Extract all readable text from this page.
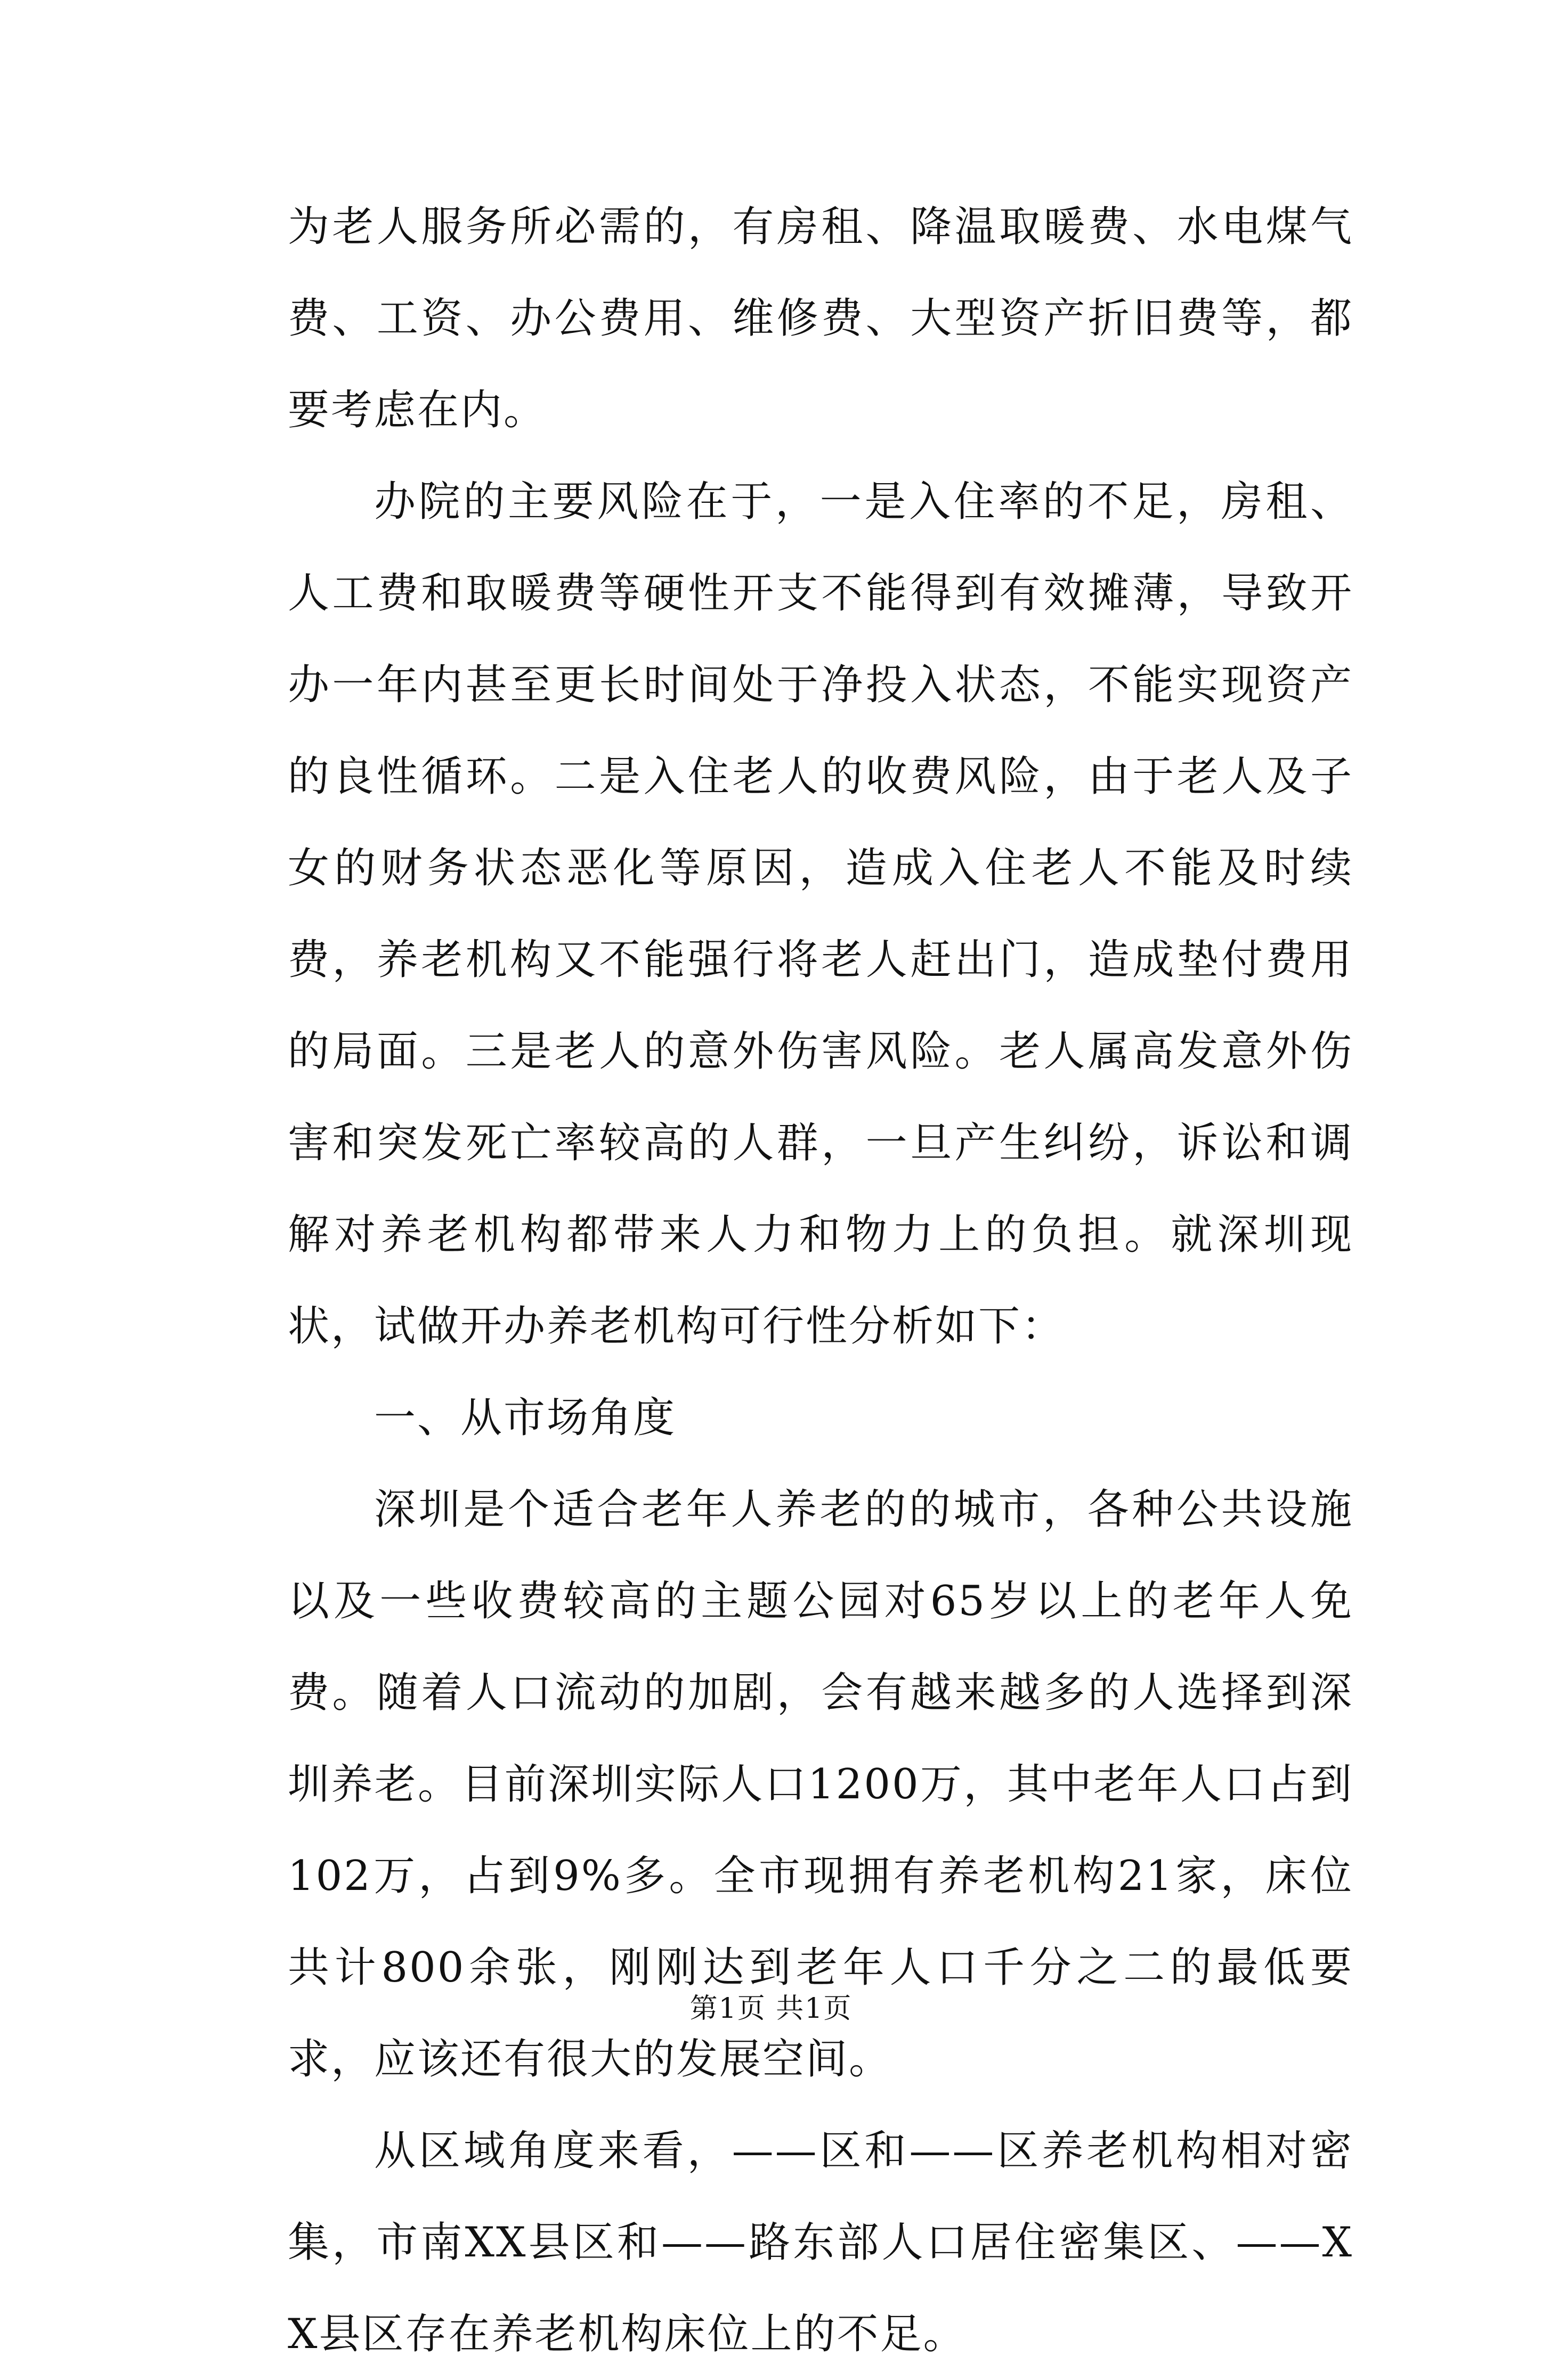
为老人服务所必需的，有房租、降温取暖费、水电煤气费、工资、办公费用、维修费、大型资产折旧费等，都要考虑在内。

办院的主要风险在于，一是入住率的不足，房租、人工费和取暖费等硬性开支不能得到有效摊薄，导致开办一年内甚至更长时间处于净投入状态，不能实现资产的良性循环。二是入住老人的收费风险，由于老人及子女的财务状态恶化等原因，造成入住老人不能及时续费，养老机构又不能强行将老人赶出门，造成垫付费用的局面。三是老人的意外伤害风险。老人属高发意外伤害和突发死亡率较高的人群，一旦产生纠纷，诉讼和调解对养老机构都带来人力和物力上的负担。就深圳现状，试做开办养老机构可行性分析如下：

一、从市场角度

深圳是个适合老年人养老的的城市，各种公共设施以及一些收费较高的主题公园对65岁以上的老年人免费。随着人口流动的加剧，会有越来越多的人选择到深圳养老。目前深圳实际人口1200万，其中老年人口占到102万，占到9%多。全市现拥有养老机构21家，床位共计800余张，刚刚达到老年人口千分之二的最低要求，应该还有很大的发展空间。

从区域角度来看，——区和——区养老机构相对密集，市南XX县区和——路东部人口居住密集区、——XX县区存在养老机构床位上的不足。

第1页 共1页
